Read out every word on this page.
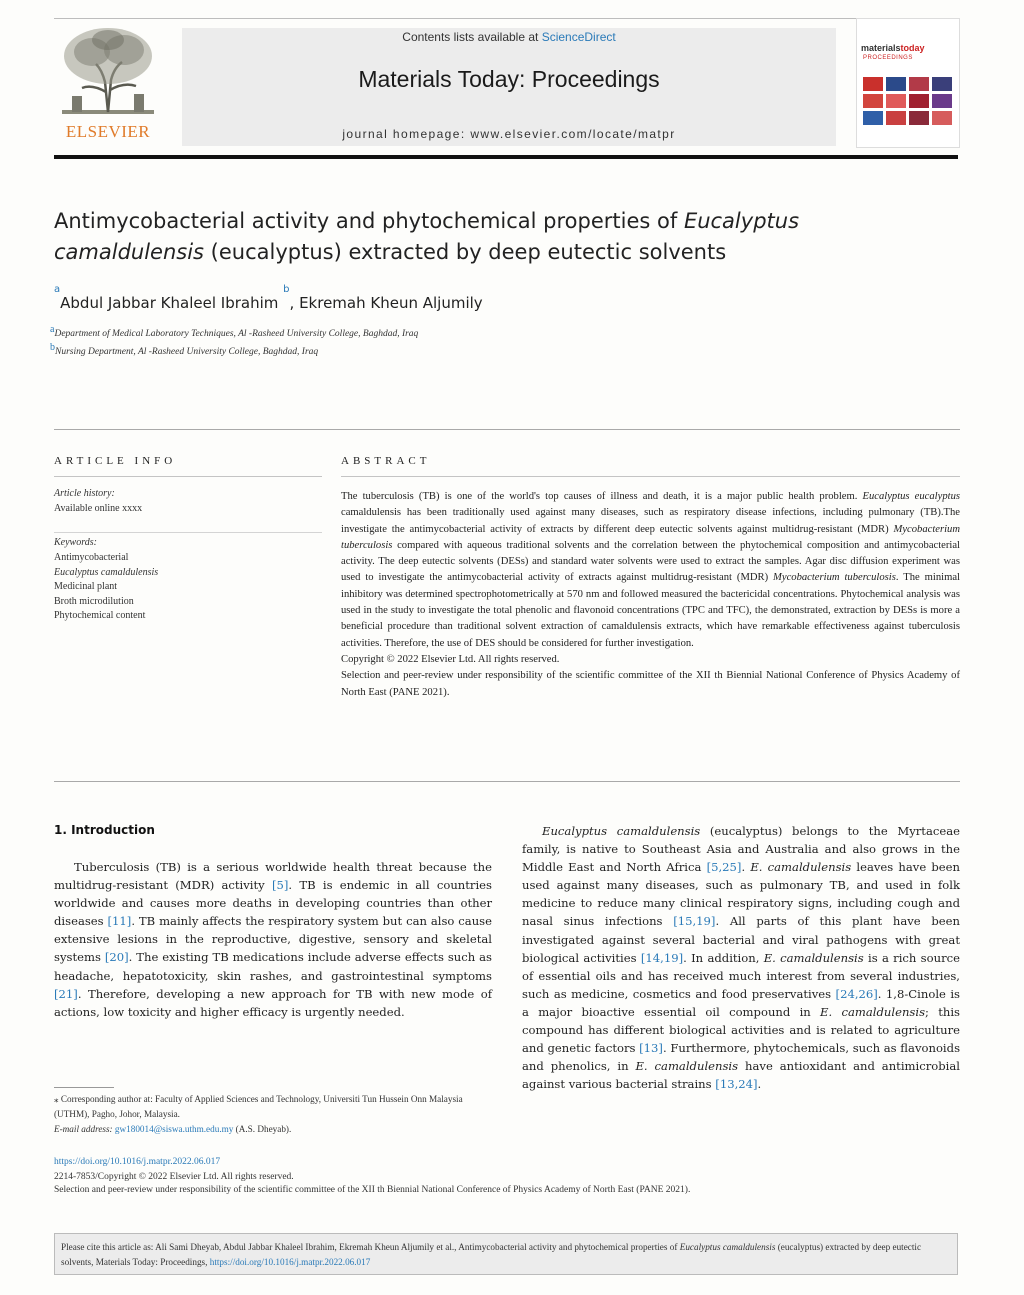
ELSEVIER
Contents lists available at ScienceDirect
Materials Today: Proceedings
journal homepage: www.elsevier.com/locate/matpr
materialstoday
PROCEEDINGS
Antimycobacterial activity and phytochemical properties of Eucalyptus camaldulensis (eucalyptus) extracted by deep eutectic solvents
$^a$Abdul Jabbar Khaleel Ibrahim $^b$, Ekremah Kheun Aljumily
$^a$Department of Medical Laboratory Techniques, Al -Rasheed University College, Baghdad, Iraq
$^b$Nursing Department, Al -Rasheed University College, Baghdad, Iraq
ARTICLE INFO
Article history:
Available online xxxx
Keywords:
Antimycobacterial
Eucalyptus camaldulensis
Medicinal plant
Broth microdilution
Phytochemical content
ABSTRACT
The tuberculosis (TB) is one of the world's top causes of illness and death, it is a major public health problem. Eucalyptus eucalyptus camaldulensis has been traditionally used against many diseases, such as respiratory disease infections, including pulmonary (TB).The investigate the antimycobacterial activity of extracts by different deep eutectic solvents against multidrug-resistant (MDR) Mycobacterium tuberculosis compared with aqueous traditional solvents and the correlation between the phytochemical composition and antimycobacterial activity. The deep eutectic solvents (DESs) and standard water solvents were used to extract the samples. Agar disc diffusion experiment was used to investigate the antimycobacterial activity of extracts against multidrug-resistant (MDR) Mycobacterium tuberculosis. The minimal inhibitory was determined spectrophotometrically at 570 nm and followed measured the bactericidal concentrations. Phytochemical analysis was used in the study to investigate the total phenolic and flavonoid concentrations (TPC and TFC), the demonstrated, extraction by DESs is more a beneficial procedure than traditional solvent extraction of camaldulensis extracts, which have remarkable effectiveness against tuberculosis activities. Therefore, the use of DES should be considered for further investigation.
Copyright © 2022 Elsevier Ltd. All rights reserved.
Selection and peer-review under responsibility of the scientific committee of the XII th Biennial National Conference of Physics Academy of North East (PANE 2021).
1. Introduction

Tuberculosis (TB) is a serious worldwide health threat because the multidrug-resistant (MDR) activity [5]. TB is endemic in all countries worldwide and causes more deaths in developing countries than other diseases [11]. TB mainly affects the respiratory system but can also cause extensive lesions in the reproductive, digestive, sensory and skeletal systems [20]. The existing TB medications include adverse effects such as headache, hepatotoxicity, skin rashes, and gastrointestinal symptoms [21]. Therefore, developing a new approach for TB with new mode of actions, low toxicity and higher efficacy is urgently needed.

Eucalyptus camaldulensis (eucalyptus) belongs to the Myrtaceae family, is native to Southeast Asia and Australia and also grows in the Middle East and North Africa [5,25]. E. camaldulensis leaves have been used against many diseases, such as pulmonary TB, and used in folk medicine to reduce many clinical respiratory signs, including cough and nasal sinus infections [15,19]. All parts of this plant have been investigated against several bacterial and viral pathogens with great biological activities [14,19]. In addition, E. camaldulensis is a rich source of essential oils and has received much interest from several industries, such as medicine, cosmetics and food preservatives [24,26]. 1,8-Cinole is a major bioactive essential oil compound in E. camaldulensis; this compound has different biological activities and is related to agriculture and genetic factors [13]. Furthermore, phytochemicals, such as flavonoids and phenolics, in E. camaldulensis have antioxidant and antimicrobial against various bacterial strains [13,24].

⁎ Corresponding author at: Faculty of Applied Sciences and Technology, Universiti Tun Hussein Onn Malaysia (UTHM), Pagho, Johor, Malaysia.
E-mail address: gw180014@siswa.uthm.edu.my (A.S. Dheyab).
https://doi.org/10.1016/j.matpr.2022.06.017
2214-7853/Copyright © 2022 Elsevier Ltd. All rights reserved.
Selection and peer-review under responsibility of the scientific committee of the XII th Biennial National Conference of Physics Academy of North East (PANE 2021).
Please cite this article as: Ali Sami Dheyab, Abdul Jabbar Khaleel Ibrahim, Ekremah Kheun Aljumily et al., Antimycobacterial activity and phytochemical properties of Eucalyptus camaldulensis (eucalyptus) extracted by deep eutectic solvents, Materials Today: Proceedings, https://doi.org/10.1016/j.matpr.2022.06.017
